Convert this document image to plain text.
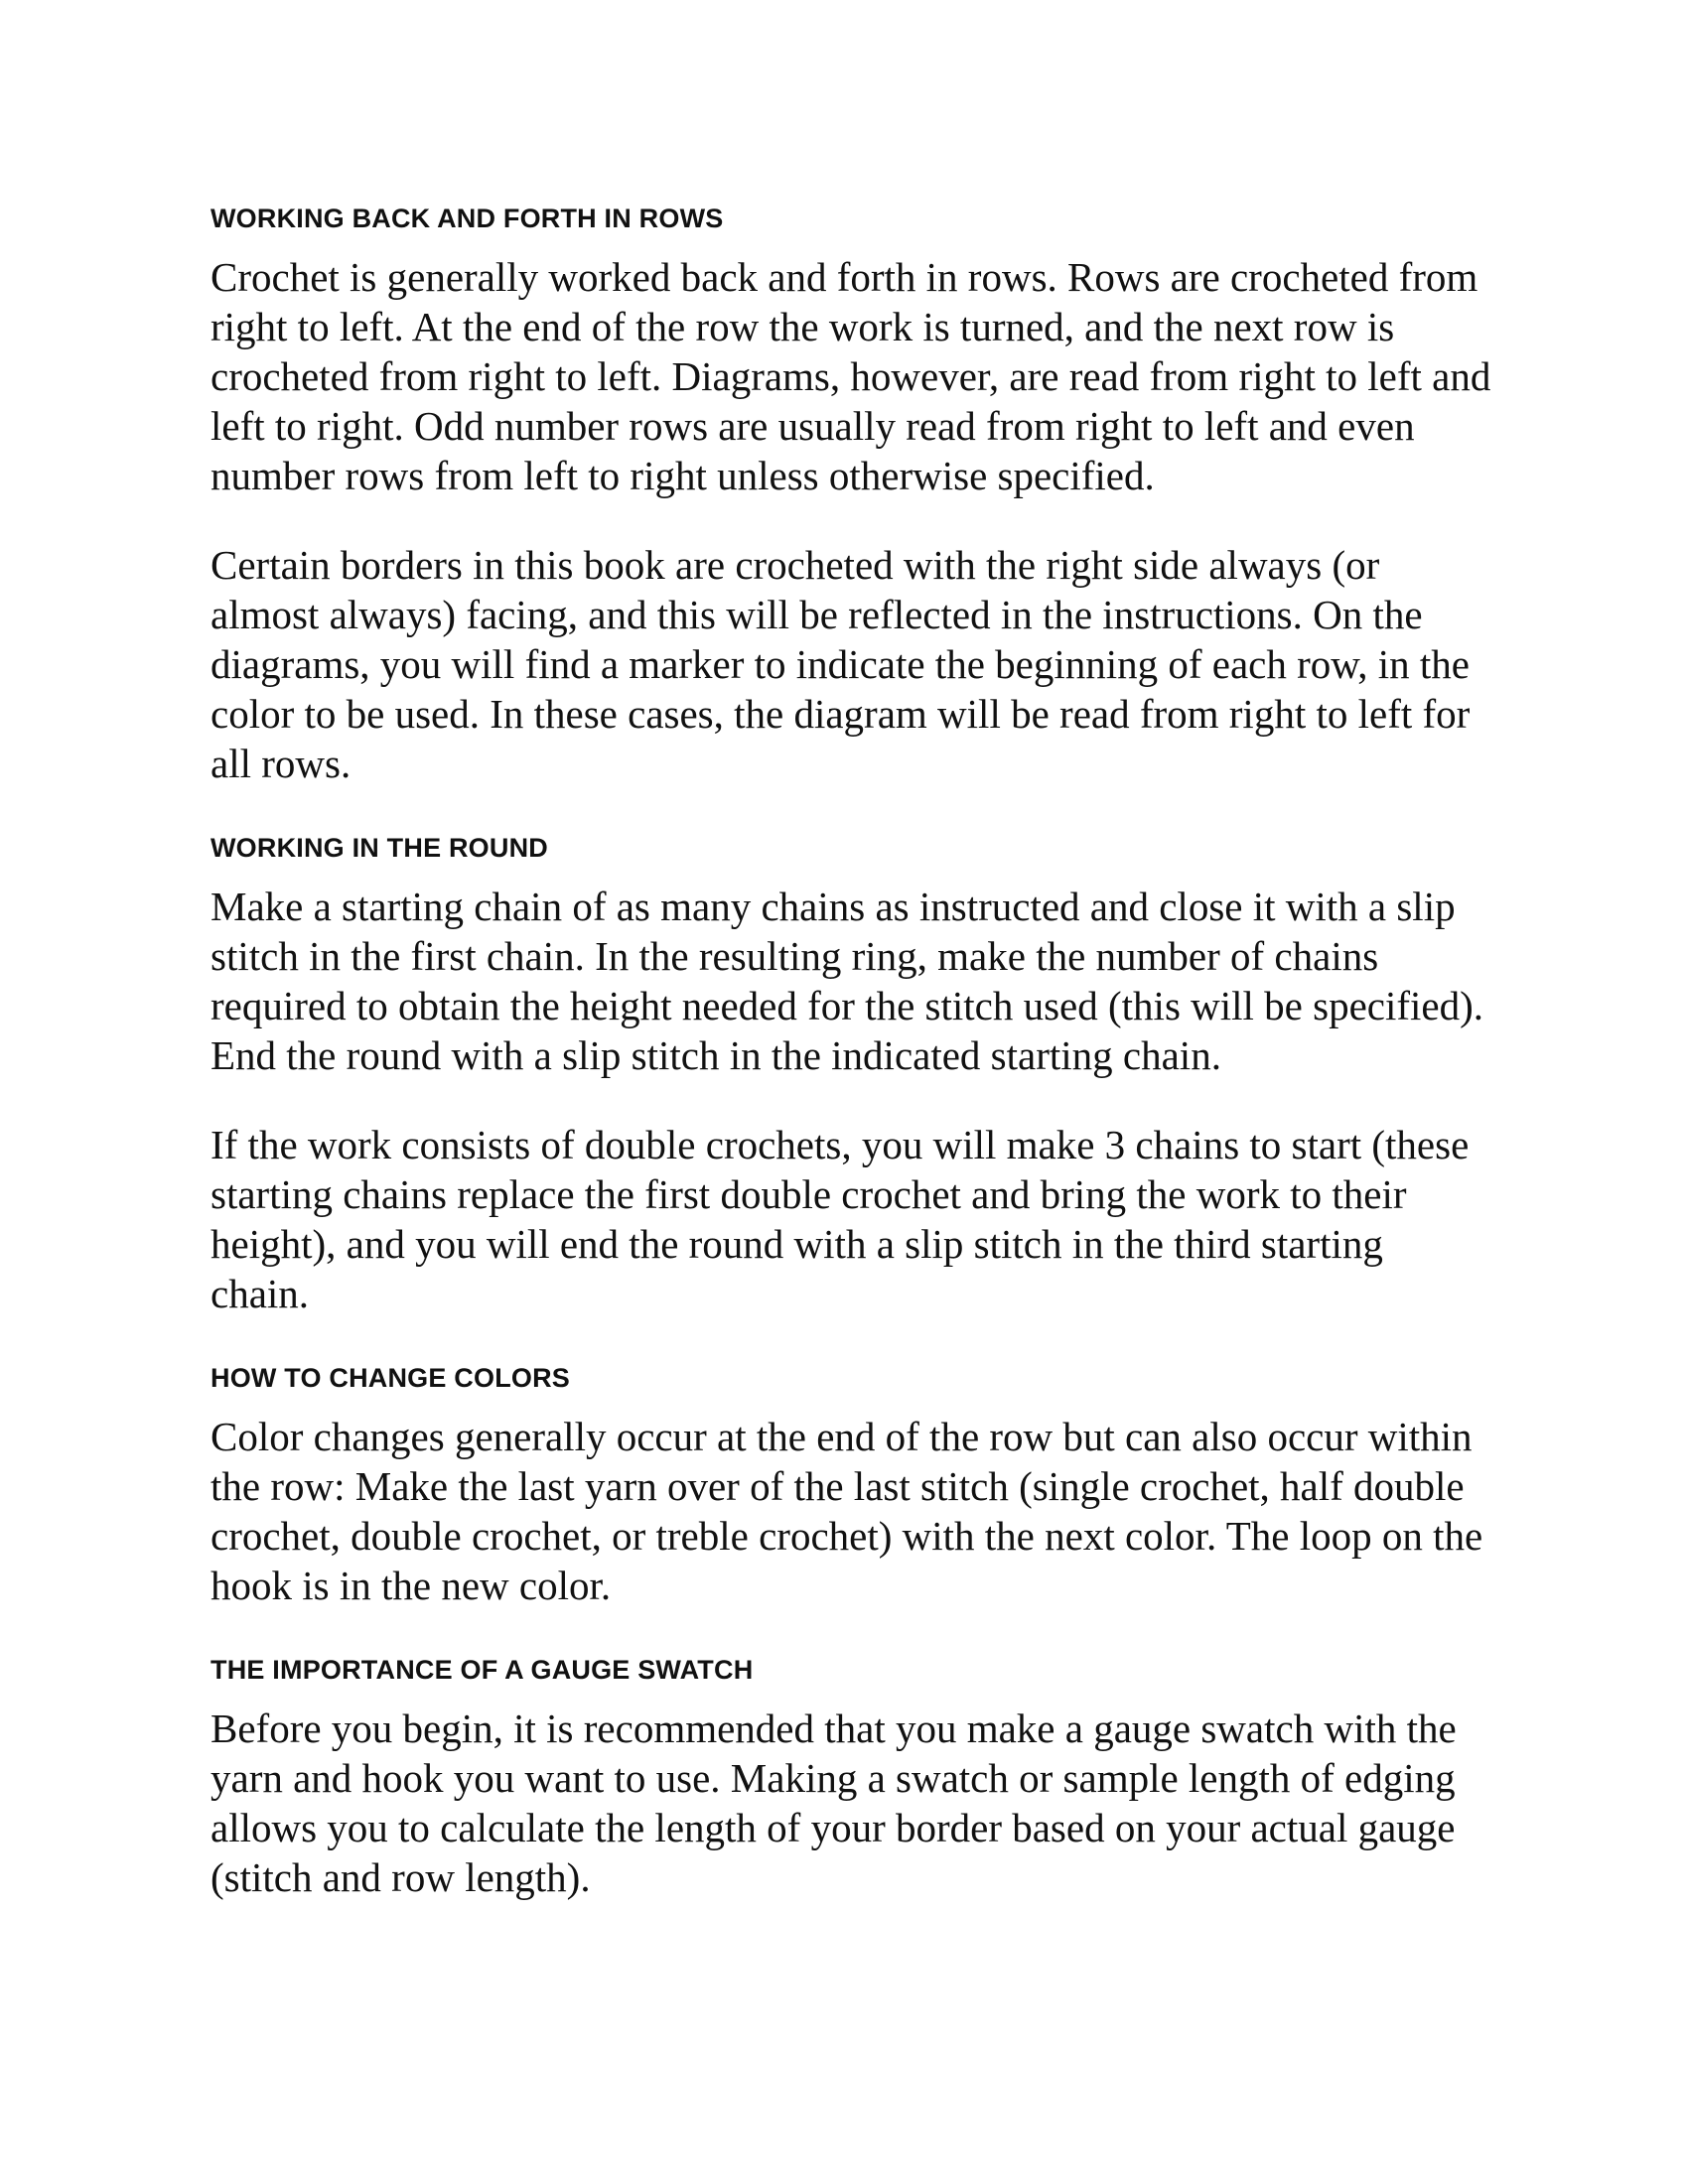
WORKING BACK AND FORTH IN ROWS

Crochet is generally worked back and forth in rows. Rows are crocheted from right to left. At the end of the row the work is turned, and the next row is crocheted from right to left. Diagrams, however, are read from right to left and left to right. Odd number rows are usually read from right to left and even number rows from left to right unless otherwise specified.

Certain borders in this book are crocheted with the right side always (or almost always) facing, and this will be reflected in the instructions. On the diagrams, you will find a marker to indicate the beginning of each row, in the color to be used. In these cases, the diagram will be read from right to left for all rows.

WORKING IN THE ROUND

Make a starting chain of as many chains as instructed and close it with a slip stitch in the first chain. In the resulting ring, make the number of chains required to obtain the height needed for the stitch used (this will be specified). End the round with a slip stitch in the indicated starting chain.

If the work consists of double crochets, you will make 3 chains to start (these starting chains replace the first double crochet and bring the work to their height), and you will end the round with a slip stitch in the third starting chain.

HOW TO CHANGE COLORS

Color changes generally occur at the end of the row but can also occur within the row: Make the last yarn over of the last stitch (single crochet, half double crochet, double crochet, or treble crochet) with the next color. The loop on the hook is in the new color.

THE IMPORTANCE OF A GAUGE SWATCH

Before you begin, it is recommended that you make a gauge swatch with the yarn and hook you want to use. Making a swatch or sample length of edging allows you to calculate the length of your border based on your actual gauge (stitch and row length).
